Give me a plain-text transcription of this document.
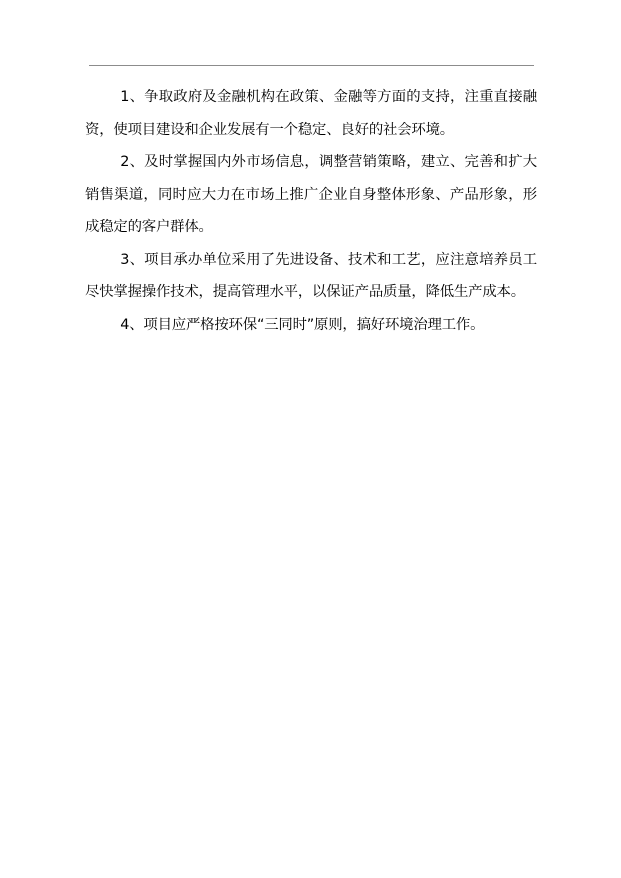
1、争取政府及金融机构在政策、金融等方面的支持，注重直接融资，使项目建设和企业发展有一个稳定、良好的社会环境。

2、及时掌握国内外市场信息，调整营销策略，建立、完善和扩大销售渠道，同时应大力在市场上推广企业自身整体形象、产品形象，形成稳定的客户群体。

3、项目承办单位采用了先进设备、技术和工艺，应注意培养员工尽快掌握操作技术，提高管理水平，以保证产品质量，降低生产成本。

4、项目应严格按环保“三同时”原则，搞好环境治理工作。
